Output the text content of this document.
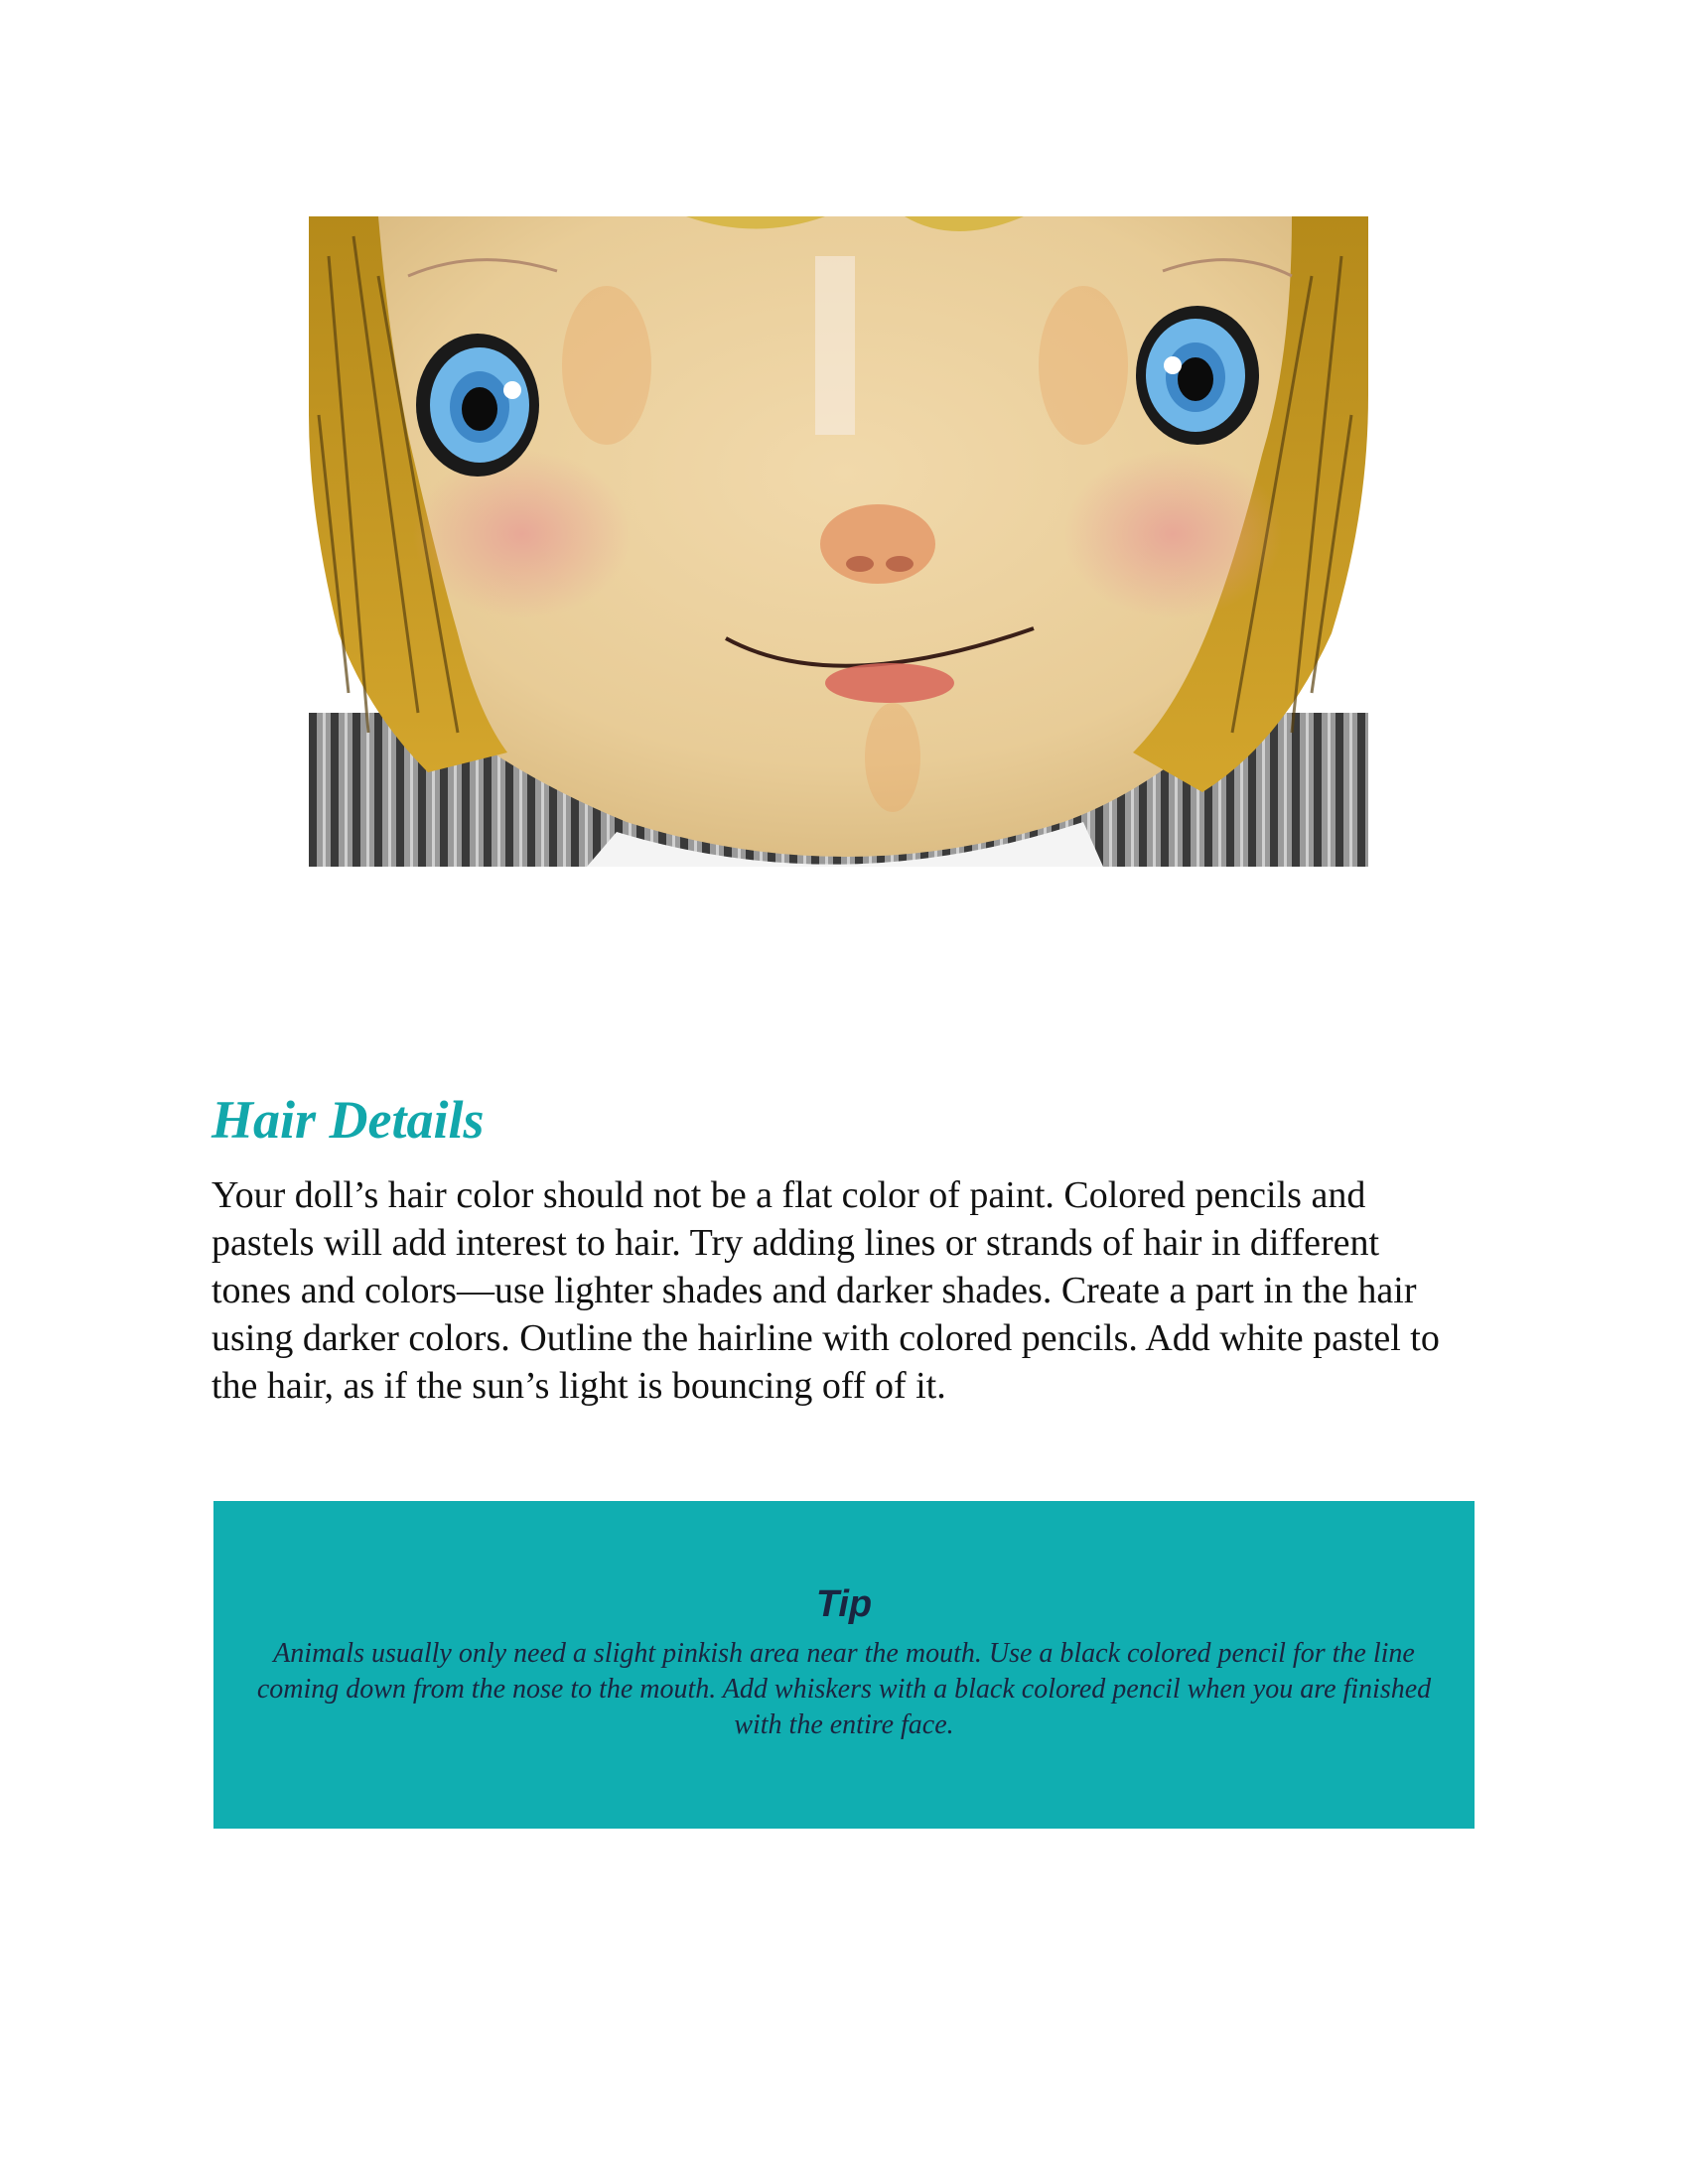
Hair Details

Your doll’s hair color should not be a flat color of paint. Colored pencils and pastels will add interest to hair. Try adding lines or strands of hair in different tones and colors—use lighter shades and darker shades. Create a part in the hair using darker colors. Outline the hairline with colored pencils. Add white pastel to the hair, as if the sun’s light is bouncing off of it.

Tip

Animals usually only need a slight pinkish area near the mouth. Use a black colored pencil for the line coming down from the nose to the mouth. Add whiskers with a black colored pencil when you are finished with the entire face.
